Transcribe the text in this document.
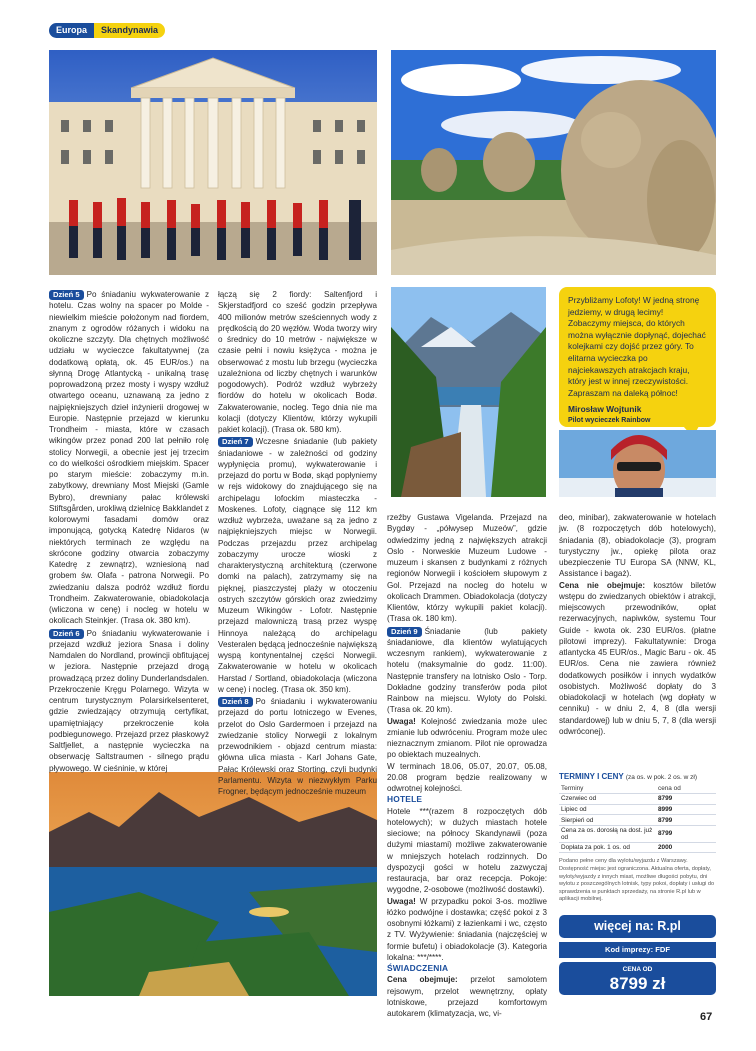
Europa	Skandynawia

Dzień 5 Po śniadaniu wykwaterowanie z hotelu. Czas wolny na spacer po Molde - niewielkim mieście położonym nad fiordem, znanym z ogrodów różanych i widoku na okoliczne szczyty. Dla chętnych możliwość udziału w wycieczce fakultatywnej (za dodatkową opłatą, ok. 45 EUR/os.) na słynną Drogę Atlantycką - unikalną trasę poprowadzoną przez mosty i wyspy wzdłuż otwartego oceanu, uznawaną za jedno z najpiękniejszych dzieł inżynierii drogowej w Europie. Następnie przejazd w kierunku Trondheim - miasta, które w czasach wikingów przez ponad 200 lat pełniło rolę stolicy Norwegii, a obecnie jest jej trzecim co do wielkości ośrodkiem miejskim. Spacer po starym mieście: zobaczymy m.in. zabytkowy, drewniany Most Miejski (Gamle Bybro), drewniany pałac królewski Stiftsgården, urokliwą dzielnicę Bakklandet z kolorowymi fasadami domów oraz imponującą, gotycką Katedrę Nidaros (w niektórych terminach ze względu na skrócone godziny otwarcia zobaczymy Katedrę z zewnątrz), wzniesioną nad grobem św. Olafa - patrona Norwegii. Po zwiedzaniu dalsza podróż wzdłuż fiordu Trondheim. Zakwaterowanie, obiadokolacja (wliczona w cenę) i nocleg w hotelu w okolicach Steinkjer. (Trasa ok. 380 km).

Dzień 6 Po śniadaniu wykwaterowanie i przejazd wzdłuż jeziora Snasa i doliny Namdalen do Nordland, prowincji obfitującej w jeziora. Następnie przejazd drogą prowadzącą przez doliny Dunderlandsdalen. Przekroczenie Kręgu Polarnego. Wizyta w centrum turystycznym Polarsirkelsenteret, gdzie zwiedzający otrzymują certyfikat, upamiętniający przekroczenie koła podbiegunowego. Przejazd przez płaskowyż Saltfjellet, a następnie wycieczka na obserwację Saltstraumen - silnego prądu pływowego. W cieśninie, w której

łączą się 2 fiordy: Saltenfjord i Skjerstadfjord co sześć godzin przepływa 400 milionów metrów sześciennych wody z prędkością do 20 węzłów. Woda tworzy wiry o średnicy do 10 metrów - największe w czasie pełni i nowiu księżyca - można je obserwować z mostu lub brzegu (wycieczka uzależniona od liczby chętnych i warunków pogodowych). Podróż wzdłuż wybrzeży fiordów do hotelu w okolicach Bodø. Zakwaterowanie, nocleg. Tego dnia nie ma kolacji (dotyczy Klientów, którzy wykupili pakiet kolacji). (Trasa ok. 580 km).

Dzień 7 Wczesne śniadanie (lub pakiety śniadaniowe - w zależności od godziny wypłynięcia promu), wykwaterowanie i przejazd do portu w Bodø, skąd popłyniemy w rejs widokowy do znajdującego się na archipelagu lofockim miasteczka - Moskenes. Lofoty, ciągnące się 112 km wzdłuż wybrzeża, uważane są za jedno z najpiękniejszych miejsc w Norwegii. Podczas przejazdu przez archipelag zobaczymy urocze wioski z charakterystyczną architekturą (czerwone domki na palach), zatrzymamy się na pięknej, piaszczystej plaży w otoczeniu ostrych szczytów górskich oraz zwiedzimy Muzeum Wikingów - Lofotr. Następnie przejazd malowniczą trasą przez wyspę Hinnoya należącą do archipelagu Vesteralen będącą jednocześnie największą wyspą kontynentalnej części Norwegii. Zakwaterowanie w hotelu w okolicach Harstad / Sortland, obiadokolacja (wliczona w cenę) i nocleg. (Trasa ok. 350 km).

Dzień 8 Po śniadaniu i wykwaterowaniu przejazd do portu lotniczego w Evenes, przelot do Oslo Gardermoen i przejazd na zwiedzanie stolicy Norwegii z lokalnym przewodnikiem - objazd centrum miasta: główna ulica miasta - Karl Johans Gate, Pałac Królewski oraz Storting, czyli budynki Parlamentu. Wizyta w niezwykłym Parku Frogner, będącym jednocześnie muzeum

rzeźby Gustawa Vigelanda. Przejazd na Bygdøy - „półwysep Muzeów”, gdzie odwiedzimy jedną z największych atrakcji Oslo - Norweskie Muzeum Ludowe - muzeum i skansen z budynkami z różnych regionów Norwegii i kościołem słupowym z Gol. Przejazd na nocleg do hotelu w okolicach Drammen. Obiadokolacja (dotyczy Klientów, którzy wykupili pakiet kolacji). (Trasa ok. 180 km).

Dzień 9 Śniadanie (lub pakiety śniadaniowe, dla klientów wylatujących wczesnym rankiem), wykwaterowanie z hotelu (maksymalnie do godz. 11:00). Następnie transfery na lotnisko Oslo - Torp. Dokładne godziny transferów poda pilot Rainbow na miejscu. Wyloty do Polski. (Trasa ok. 20 km).

Uwaga! Kolejność zwiedzania może ulec zmianie lub odwróceniu. Program może ulec nieznacznym zmianom. Pilot nie oprowadza po obiektach muzealnych.

W terminach 18.06, 05.07, 20.07, 05.08, 20.08 program będzie realizowany w odwrotnej kolejności.

HOTELE

Hotele ***(razem 8 rozpoczętych dób hotelowych); w dużych miastach hotele sieciowe; na północy Skandynawii (poza dużymi miastami) możliwe zakwaterowanie w mniejszych hotelach rodzinnych. Do dyspozycji gości w hotelu zazwyczaj restauracja, bar oraz recepcja. Pokoje: wygodne, 2-osobowe (możliwość dostawki).

Uwaga! W przypadku pokoi 3-os. możliwe łóżko podwójne i dostawka; część pokoi z 3 osobnymi łóżkami) z łazienkami i wc, często z TV. Wyżywienie: śniadania (najczęściej w formie bufetu) i obiadokolacje (3). Kategoria lokalna: ***/****.

ŚWIADCZENIA

Cena obejmuje: przelot samolotem rejsowym, przelot wewnętrzny, opłaty lotniskowe, przejazd komfortowym autokarem (klimatyzacja, wc, vi-

deo, minibar), zakwaterowanie w hotelach jw. (8 rozpoczętych dób hotelowych), śniadania (8), obiadokolacje (3), program turystyczny jw., opiekę pilota oraz ubezpieczenie TU Europa SA (NNW, KL, Assistance i bagaż).

Cena nie obejmuje: kosztów biletów wstępu do zwiedzanych obiektów i atrakcji, miejscowych przewodników, opłat rezerwacyjnych, napiwków, systemu Tour Guide - kwota ok. 230 EUR/os. (płatne pilotowi imprezy). Fakultatywnie: Droga atlantycka 45 EUR/os., Magic Baru - ok. 45 EUR/os. Cena nie zawiera również dodatkowych posiłków i innych wydatków osobistych. Możliwość dopłaty do 3 obiadokolacji w hotelach (wg dopłaty w cenniku) - w dniu 2, 4, 8 (dla wersji standardowej) lub w dniu 5, 7, 8 (dla wersji odwróconej).

Przybliżamy Lofoty! W jedną stronę jedziemy, w drugą lecimy! Zobaczymy miejsca, do których można wyłącznie dopłynąć, dojechać kolejkami czy dojść przez góry. To elitarna wycieczka po najciekawszych atrakcjach kraju, który jest w innej rzeczywistości. Zapraszam na daleką północ!
Mirosław Wojtunik
Pilot wycieczek Rainbow
TERMINY I CENY (za os. w pok. 2 os. w zł)
Terminy	cena od
Czerwiec od	8799
Lipiec od	8999
Sierpień od	8799
Cena za os. dorosłą na dost. już od	8799
Dopłata za pok. 1 os. od	2000
Podano pełne ceny dla wylotu/wyjazdu z Warszawy. Dostępność miejsc jest ograniczona. Aktualna oferta, dopłaty, wyloty/wyjazdy z innych miast, możliwe długości pobytu, dni wylotu z poszczególnych lotnisk, typy pokoi, dopłaty i usługi do sprawdzenia w punktach sprzedaży, na stronie R.pl lub w aplikacji mobilnej.
więcej na: R.pl
Kod imprezy: FDF
CENA OD
8799 zł
67
